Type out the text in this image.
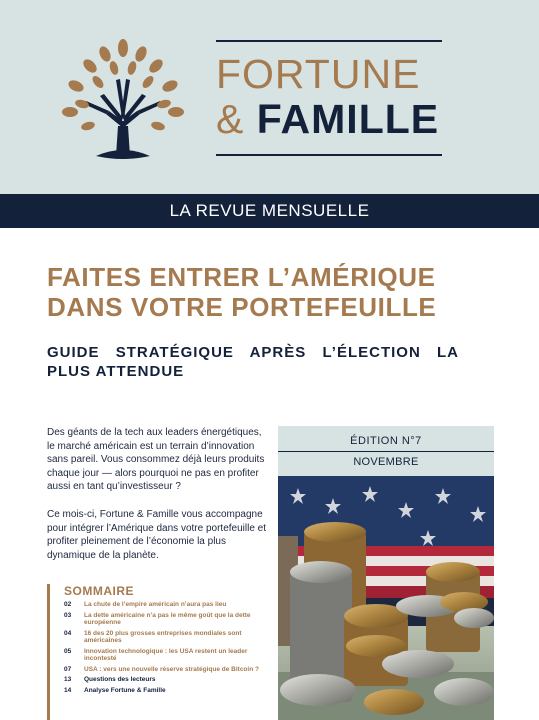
FORTUNE
& FAMILLE
LA REVUE MENSUELLE
FAITES ENTRER L’AMÉRIQUE DANS VOTRE PORTEFEUILLE
GUIDE STRATÉGIQUE APRÈS L’ÉLECTION LA PLUS ATTENDUE

Des géants de la tech aux leaders énergétiques, le marché américain est un terrain d’innovation sans pareil. Vous consommez déjà leurs produits chaque jour — alors pourquoi ne pas en profiter aussi en tant qu’investisseur ?

Ce mois-ci, Fortune & Famille vous accompagne pour intégrer l’Amérique dans votre portefeuille et profiter pleinement de l’économie la plus dynamique de la planète.

SOMMAIRE
02	La chute de l’empire américain n’aura pas lieu
03	La dette américaine n’a pas le même goût que la dette européenne
04	16 des 20 plus grosses entreprises mondiales sont américaines
05	Innovation technologique : les USA restent un leader incontesté
07	USA : vers une nouvelle réserve stratégique de Bitcoin ?
13	Questions des lecteurs
14	Analyse Fortune & Famille
ÉDITION N°7
NOVEMBRE
